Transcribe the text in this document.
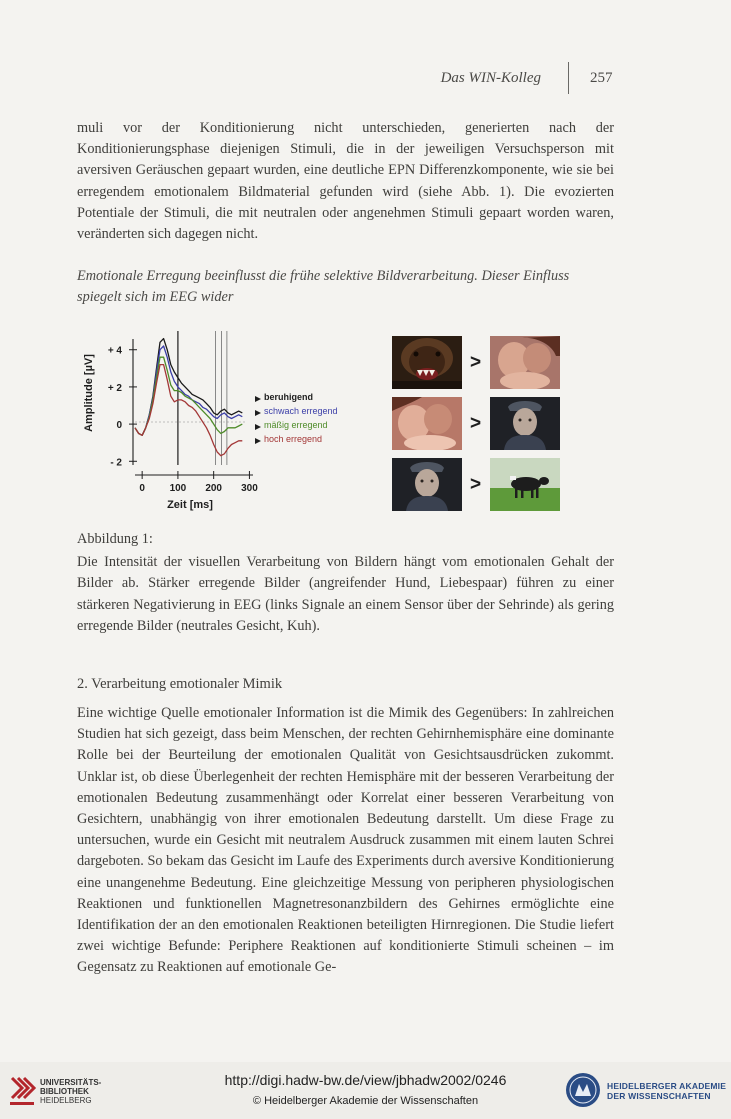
Das WIN-Kolleg	257

muli vor der Konditionierung nicht unterschieden, generierten nach der Konditionierungsphase diejenigen Stimuli, die in der jeweiligen Versuchsperson mit aversiven Geräuschen gepaart wurden, eine deutliche EPN Differenzkomponente, wie sie bei erregendem emotionalem Bildmaterial gefunden wird (siehe Abb. 1). Die evozierten Potentiale der Stimuli, die mit neutralen oder angenehmen Stimuli gepaart worden waren, veränderten sich dagegen nicht.

Emotionale Erregung beeinflusst die frühe selektive Bildverarbeitung. Dieser Einfluss spiegelt sich im EEG wider

Amplitude [µV]
+ 4
+ 2
0
- 2
0 100 200 300
beruhigend
schwach erregend
mäßig erregend
hoch erregend
Zeit [ms]
>
>
>

Abbildung 1:

Die Intensität der visuellen Verarbeitung von Bildern hängt vom emotionalen Gehalt der Bilder ab. Stärker erregende Bilder (angreifender Hund, Liebespaar) führen zu einer stärkeren Negativierung in EEG (links Signale an einem Sensor über der Sehrinde) als gering erregende Bilder (neutrales Gesicht, Kuh).

2. Verarbeitung emotionaler Mimik

Eine wichtige Quelle emotionaler Information ist die Mimik des Gegenübers: In zahlreichen Studien hat sich gezeigt, dass beim Menschen, der rechten Gehirnhemisphäre eine dominante Rolle bei der Beurteilung der emotionalen Qualität von Gesichtsausdrücken zukommt. Unklar ist, ob diese Überlegenheit der rechten Hemisphäre mit der besseren Verarbeitung der emotionalen Bedeutung zusammenhängt oder Korrelat einer besseren Verarbeitung von Gesichtern, unabhängig von ihrer emotionalen Bedeutung darstellt. Um diese Frage zu untersuchen, wurde ein Gesicht mit neutralem Ausdruck zusammen mit einem lauten Schrei dargeboten. So bekam das Gesicht im Laufe des Experiments durch aversive Konditionierung eine unangenehme Bedeutung. Eine gleichzeitige Messung von peripheren physiologischen Reaktionen und funktionellen Magnetresonanzbildern des Gehirnes ermöglichte eine Identifikation der an den emotionalen Reaktionen beteiligten Hirnregionen. Die Studie liefert zwei wichtige Befunde: Periphere Reaktionen auf konditionierte Stimuli scheinen – im Gegensatz zu Reaktionen auf emotionale Ge-

UNIVERSITÄTS-
BIBLIOTHEK
HEIDELBERG
http://digi.hadw-bw.de/view/jbhadw2002/0246
© Heidelberger Akademie der Wissenschaften
HEIDELBERGER AKADEMIE
DER WISSENSCHAFTEN
